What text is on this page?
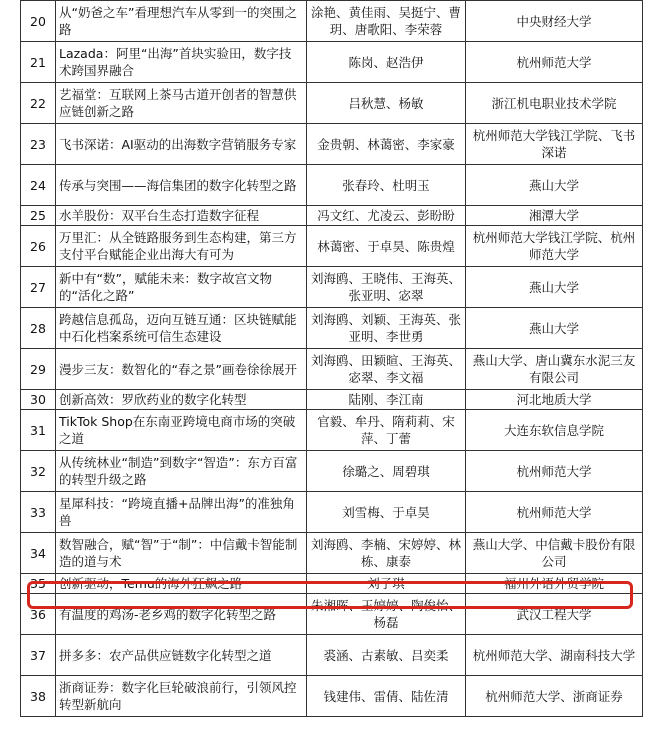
20	从“奶爸之车”看理想汽车从零到一的突围之路	涂艳、黄佳雨、吴挺宁、曹玥、唐歌阳、李荣蓉	中央财经大学
21	Lazada：阿里“出海”首块实验田，数字技术跨国界融合	陈岗、赵浩伊	杭州师范大学
22	艺福堂：互联网上茶马古道开创者的智慧供应链创新之路	吕秋慧、杨敏	浙江机电职业技术学院
23	飞书深诺：AI驱动的出海数字营销服务专家	金贵朝、林蔼密、李家豪	杭州师范大学钱江学院、飞书深诺
24	传承与突围——海信集团的数字化转型之路	张春玲、杜明玉	燕山大学
25	水羊股份：双平台生态打造数字征程	冯文红、尤凌云、彭盼盼	湘潭大学
26	万里汇：从全链路服务到生态构建，第三方支付平台赋能企业出海大有可为	林蔼密、于卓昊、陈贵煌	杭州师范大学钱江学院、杭州师范大学
27	新中有“数”，赋能未来：数字故宫文物的“活化之路”	刘海鸥、王晓伟、王海英、张亚明、宓翠	燕山大学
28	跨越信息孤岛，迈向互链互通：区块链赋能中石化档案系统可信生态建设	刘海鸥、刘颖、王海英、张亚明、李世勇	燕山大学
29	漫步三友：数智化的“春之景”画卷徐徐展开	刘海鸥、田颖暄、王海英、宓翠、李文福	燕山大学、唐山冀东水泥三友有限公司
30	创新高效：罗欣药业的数字化转型	陆刚、李江南	河北地质大学
31	TikTok Shop在东南亚跨境电商市场的突破之道	官毅、牟丹、隋莉莉、宋萍、丁蕾	大连东软信息学院
32	从传统林业“制造”到数字“智造”：东方百富的转型升级之路	徐璐之、周碧琪	杭州师范大学
33	星犀科技：“跨境直播+品牌出海”的准独角兽	刘雪梅、于卓昊	杭州师范大学
34	数智融合，赋“智”于“制”：中信戴卡智能制造的道与术	刘海鸥、李楠、宋婷婷、林栋、康泰	燕山大学、中信戴卡股份有限公司
35	创新驱动，Temu的海外狂飙之路	刘子琪	福州外语外贸学院
36	有温度的鸡汤-老乡鸡的数字化转型之路	朱湘晖、王婷婷、陶俊怡、杨磊	武汉工程大学
37	拼多多：农产品供应链数字化转型之道	裘涵、古素敏、吕奕柔	杭州师范大学、湖南科技大学
38	浙商证券：数字化巨轮破浪前行，引领风控转型新航向	钱建伟、雷倩、陆佐清	杭州师范大学、浙商证券
